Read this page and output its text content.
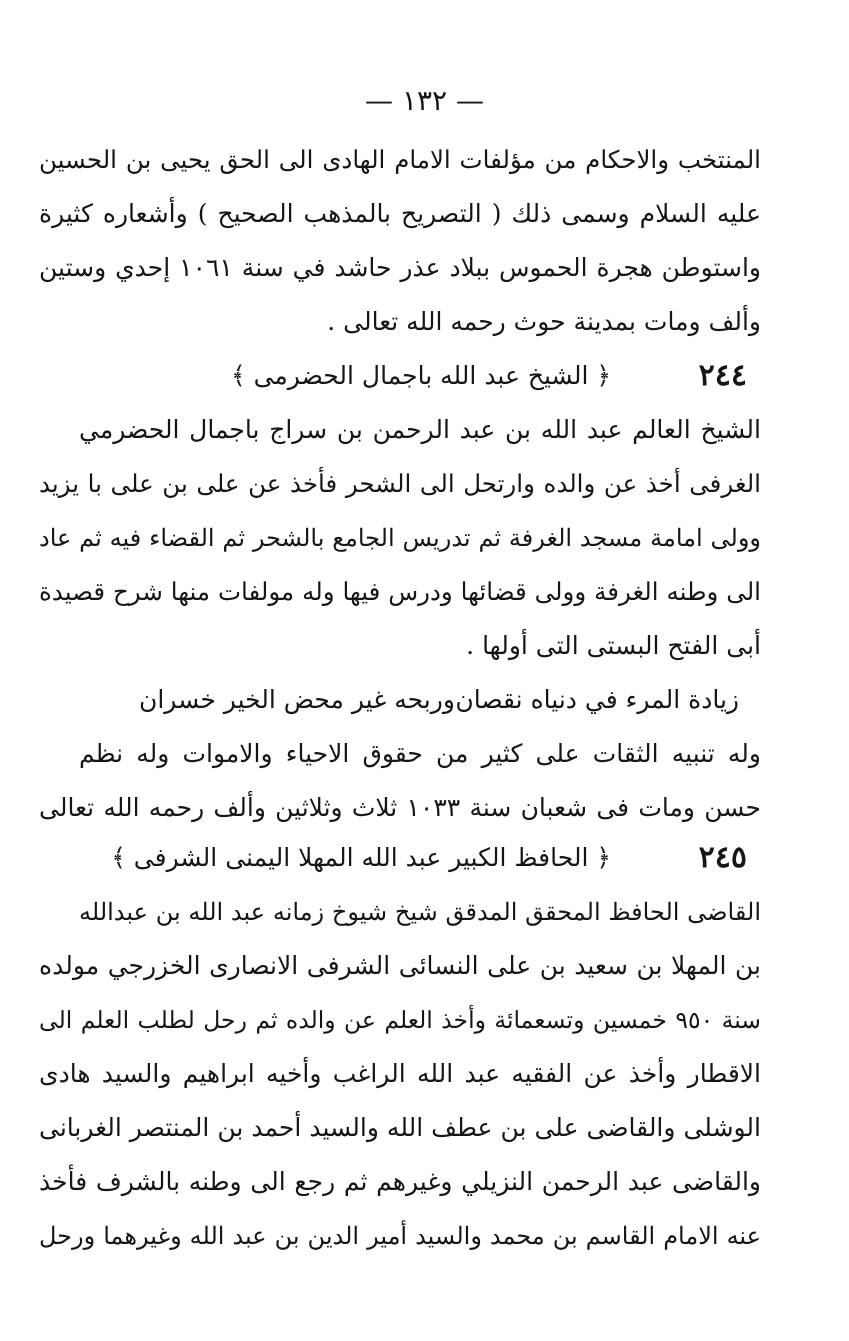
— ١٣٢ —
المنتخب والاحكام من مؤلفات الامام الهادى الى الحق يحيى بن الحسين
عليه السلام وسمى ذلك ( التصريح بالمذهب الصحيح ) وأشعاره كثيرة
واستوطن هجرة الحموس ببلاد عذر حاشد في سنة ١٠٦١ إحدي وستين
وألف ومات بمدينة حوث رحمه الله تعالى .
٢٤٤
﴿ الشيخ عبد الله باجمال الحضرمى ﴾
الشيخ العالم عبد الله بن عبد الرحمن بن سراج باجمال الحضرمي
الغرفى أخذ عن والده وارتحل الى الشحر فأخذ عن على بن على با يزيد
وولى امامة مسجد الغرفة ثم تدريس الجامع بالشحر ثم القضاء فيه ثم عاد
الى وطنه الغرفة وولى قضائها ودرس فيها وله مولفات منها شرح قصيدة
أبى الفتح البستى التى أولها .
زيادة المرء في دنياه نقصان
وربحه غير محض الخير خسران
وله تنبيه الثقات على كثير من حقوق الاحياء والاموات وله نظم
حسن ومات فى شعبان سنة ١٠٣٣ ثلاث وثلاثين وألف رحمه الله تعالى
٢٤٥
﴿ الحافظ الكبير عبد الله المهلا اليمنى الشرفى ﴾
القاضى الحافظ المحقق المدقق شيخ شيوخ زمانه عبد الله بن عبدالله
بن المهلا بن سعيد بن على النسائى الشرفى الانصارى الخزرجي مولده
سنة ٩٥٠ خمسين وتسعمائة وأخذ العلم عن والده ثم رحل لطلب العلم الى
الاقطار وأخذ عن الفقيه عبد الله الراغب وأخيه ابراهيم والسيد هادى
الوشلى والقاضى على بن عطف الله والسيد أحمد بن المنتصر الغربانى
والقاضى عبد الرحمن النزيلي وغيرهم ثم رجع الى وطنه بالشرف فأخذ
عنه الامام القاسم بن محمد والسيد أمير الدين بن عبد الله وغيرهما ورحل
